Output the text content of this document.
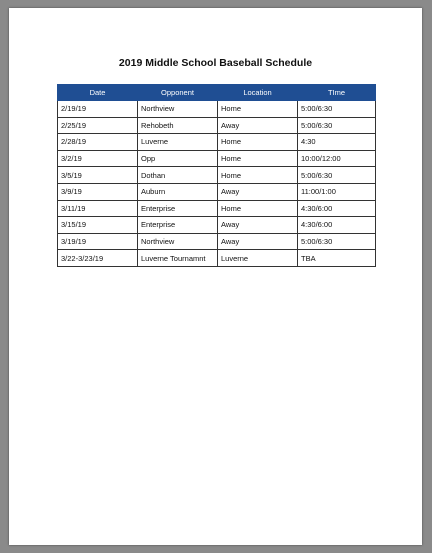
2019 Middle School Baseball Schedule
Date	Opponent	Location	TIme
2/19/19	Northview	Home	5:00/6:30
2/25/19	Rehobeth	Away	5:00/6:30
2/28/19	Luverne	Home	4:30
3/2/19	Opp	Home	10:00/12:00
3/5/19	Dothan	Home	5:00/6:30
3/9/19	Auburn	Away	11:00/1:00
3/11/19	Enterprise	Home	4:30/6:00
3/15/19	Enterprise	Away	4:30/6:00
3/19/19	Northview	Away	5:00/6:30
3/22-3/23/19	Luverne Tournamnt	Luverne	TBA
